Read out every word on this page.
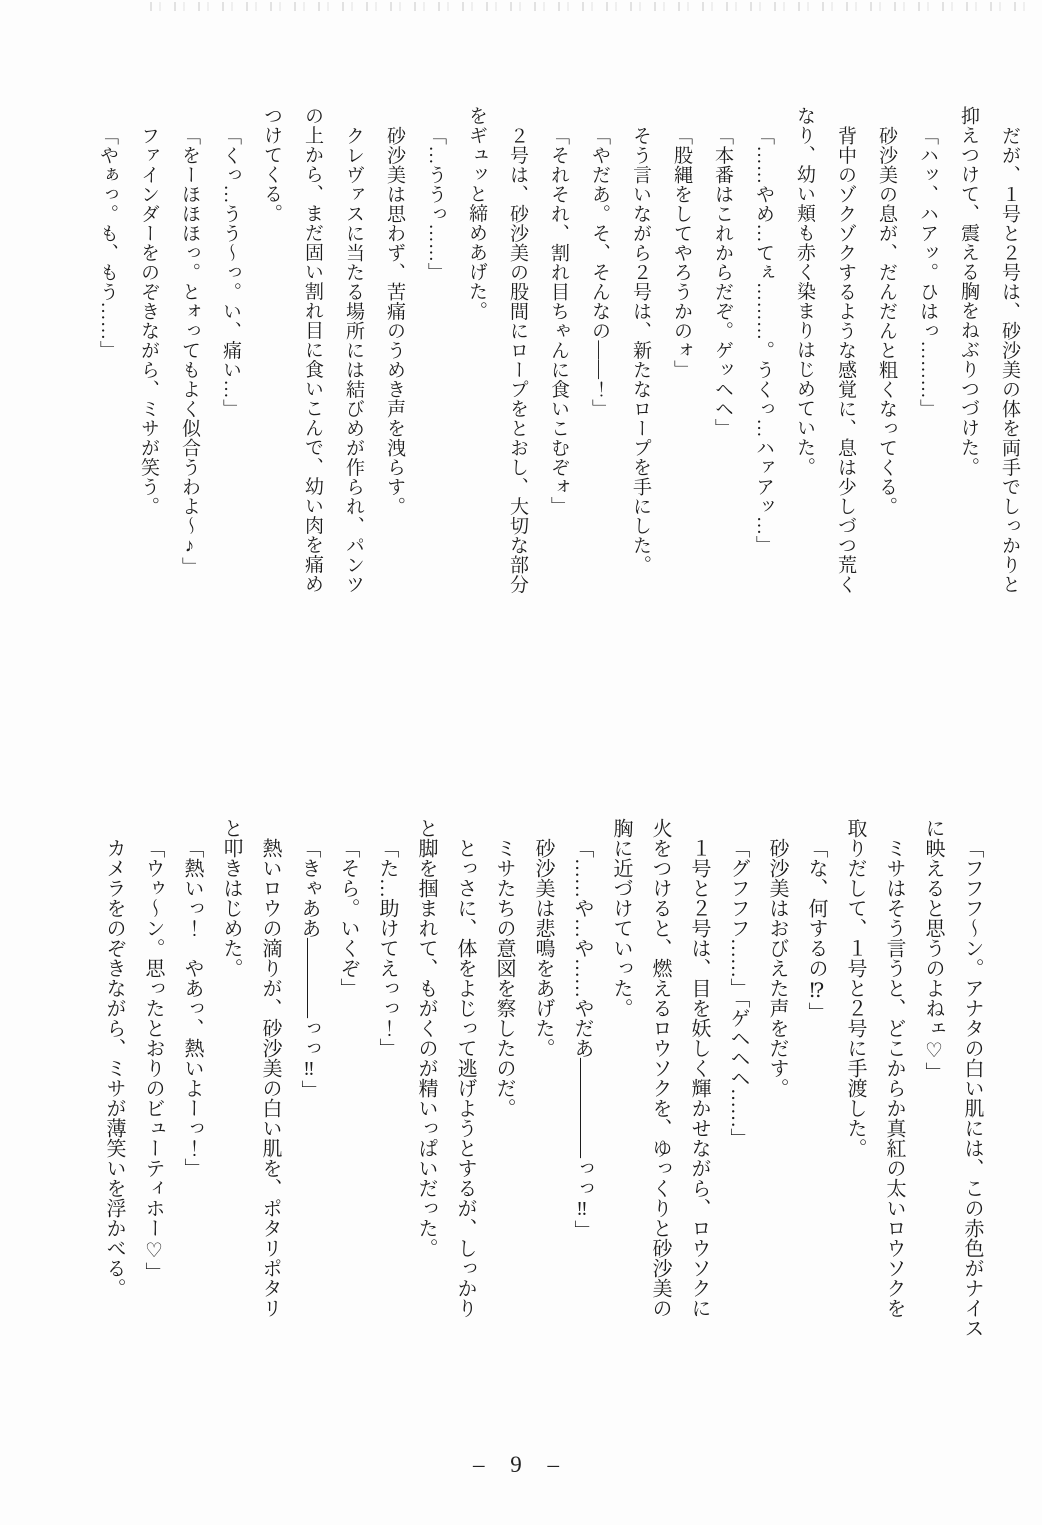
だが、１号と２号は、砂沙美の体を両手でしっかりと

抑えつけて、震える胸をねぶりつづけた。

「ハッ、ハアッ。ひはっ………」

砂沙美の息が、だんだんと粗くなってくる。

背中のゾクゾクするような感覚に、息は少しづつ荒く

なり、幼い頬も赤く染まりはじめていた。

「……やめ…てぇ………。うくっ…ハァアッ…」

「本番はこれからだぞ。ゲッヘヘ」

「股縄をしてやろうかのォ」

そう言いながら２号は、新たなロープを手にした。

「やだあ。そ、そんなの——！」

「それそれ、割れ目ちゃんに食いこむぞォ」

２号は、砂沙美の股間にロープをとおし、大切な部分

をギュッと締めあげた。

「…ううっ……」

砂沙美は思わず、苦痛のうめき声を洩らす。

クレヴァスに当たる場所には結びめが作られ、パンツ

の上から、まだ固い割れ目に食いこんで、幼い肉を痛め

つけてくる。

「くっ…うう〜っ。い、痛い…」

「をーほほほっ。とォってもよく似合うわよ〜♪」

ファインダーをのぞきながら、ミサが笑う。

「やぁっ。も、もう……」

「フフフ〜ン。アナタの白い肌には、この赤色がナイス

に映えると思うのよねェ♡」

ミサはそう言うと、どこからか真紅の太いロウソクを

取りだして、１号と２号に手渡した。

「な、何するの⁉」

砂沙美はおびえた声をだす。

「グフフフ……」「ゲヘヘヘ……」

１号と２号は、目を妖しく輝かせながら、ロウソクに

火をつけると、燃えるロウソクを、ゆっくりと砂沙美の

胸に近づけていった。

「……や…や……やだあ—————っっ‼」

砂沙美は悲鳴をあげた。

ミサたちの意図を察したのだ。

とっさに、体をよじって逃げようとするが、しっかり

と脚を掴まれて、もがくのが精いっぱいだった。

「た…助けてえっっ！」

「そら。いくぞ」

「きゃああ————っっ‼」

熱いロウの滴りが、砂沙美の白い肌を、ポタリポタリ

と叩きはじめた。

「熱いっ！　やあっ、熱いよーっ！」

「ウゥ〜ン。思ったとおりのビューティホー♡」

カメラをのぞきながら、ミサが薄笑いを浮かべる。

– 9 –
